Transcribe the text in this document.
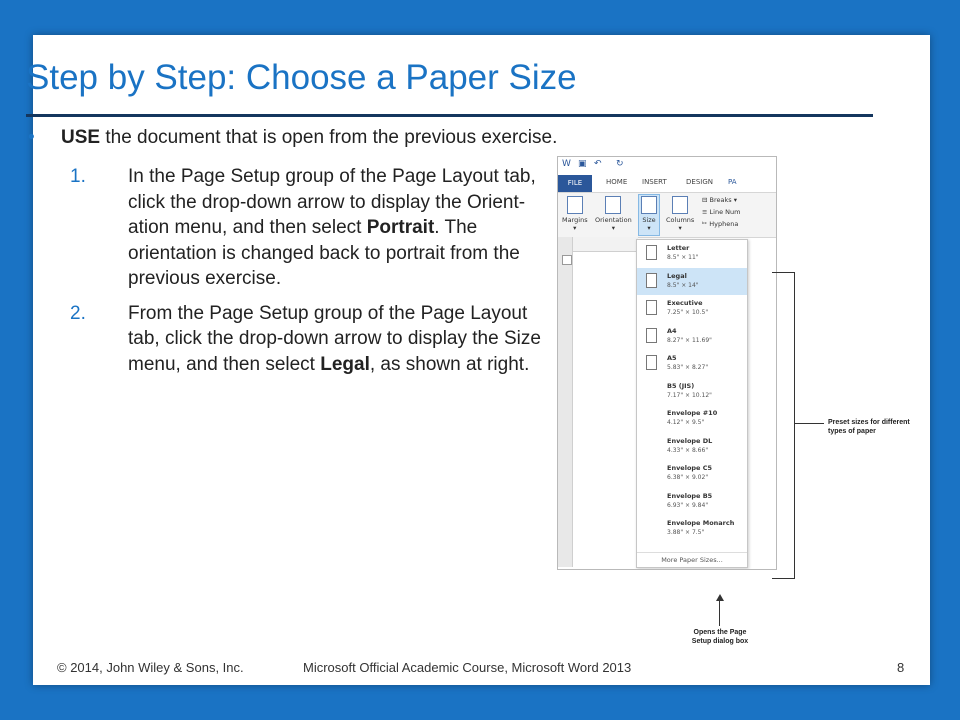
Step by Step: Choose a Paper Size
• USE the document that is open from the previous exercise.
1.	In the Page Setup group of the Page Layout tab, click the drop-down arrow to display the Orient-ation menu, and then select Portrait. The orientation is changed back to portrait from the previous exercise.
2.	From the Page Setup group of the Page Layout tab, click the drop-down arrow to display the Size menu, and then select Legal, as shown at right.
W ▣ ↶ ↻
FILE	HOME INSERT	DESIGN PA
Margins
▾
Orientation
▾
Size
▾
Columns
▾
⊟ Breaks ▾
≡ Line Num
ᵇᶜ Hyphena
Letter
8.5" × 11"
Legal
8.5" × 14"
Executive
7.25" × 10.5"
A4
8.27" × 11.69"
A5
5.83" × 8.27"
B5 (JIS)
7.17" × 10.12"
Envelope #10
4.12" × 9.5"
Envelope DL
4.33" × 8.66"
Envelope C5
6.38" × 9.02"
Envelope B5
6.93" × 9.84"
Envelope Monarch
3.88" × 7.5"
More Paper Sizes...
Preset sizes for different types of paper
Opens the Page Setup dialog box
© 2014, John Wiley & Sons, Inc.	Microsoft Official Academic Course, Microsoft Word 2013	8
